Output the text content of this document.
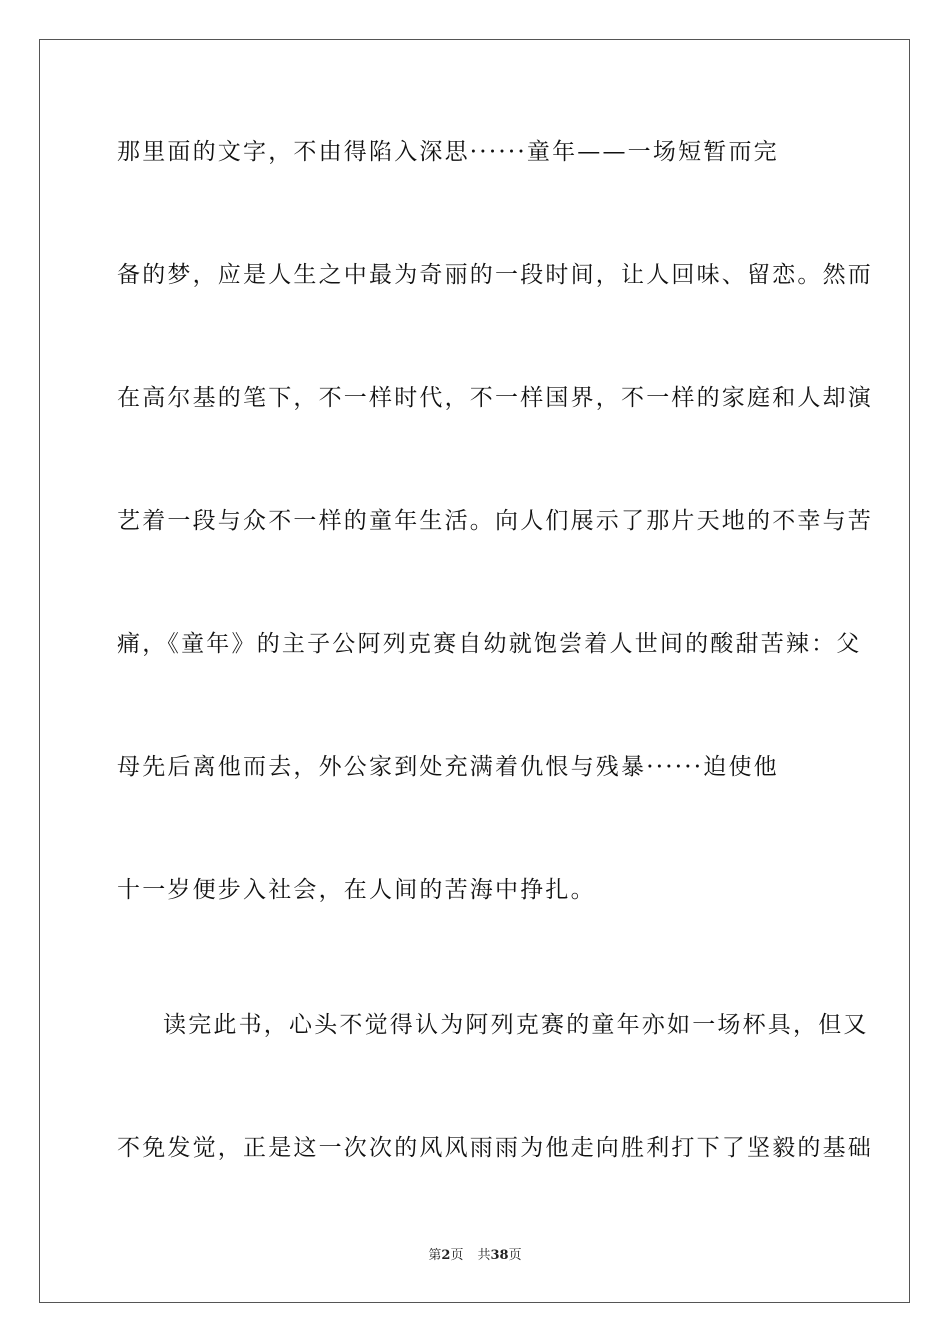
那里面的文字，不由得陷入深思······童年——一场短暂而完
备的梦，应是人生之中最为奇丽的一段时间，让人回味、留恋。然而
在高尔基的笔下，不一样时代，不一样国界，不一样的家庭和人却演
艺着一段与众不一样的童年生活。向人们展示了那片天地的不幸与苦
痛，《童年》的主子公阿列克赛自幼就饱尝着人世间的酸甜苦辣：父
母先后离他而去，外公家到处充满着仇恨与残暴······迫使他
十一岁便步入社会，在人间的苦海中挣扎。
读完此书，心头不觉得认为阿列克赛的童年亦如一场杯具，但又
不免发觉，正是这一次次的风风雨雨为他走向胜利打下了坚毅的基础
第2页 共38页
